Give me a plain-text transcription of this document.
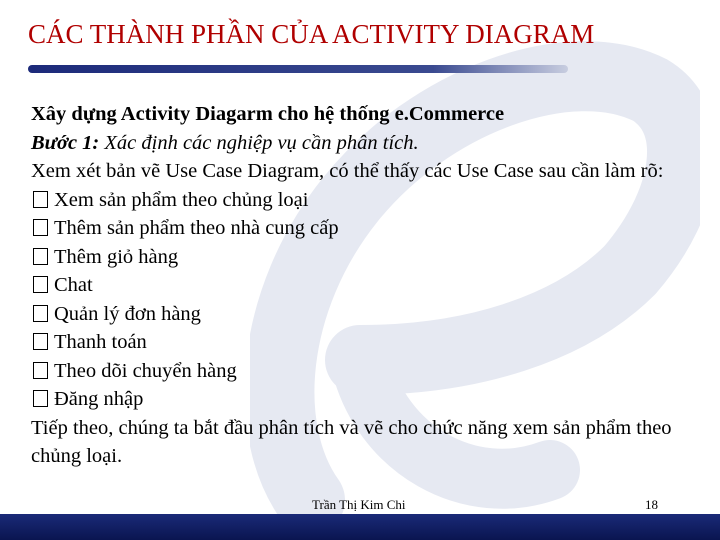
CÁC THÀNH PHẦN CỦA ACTIVITY DIAGRAM

Xây dựng Activity Diagarm cho hệ thống e.Commerce

Bước 1: Xác định các nghiệp vụ cần phân tích.

Xem xét bản vẽ Use Case Diagram, có thể thấy các Use Case sau cần làm rõ:

Xem sản phẩm theo chủng loại
Thêm sản phẩm theo nhà cung cấp
Thêm giỏ hàng
Chat
Quản lý đơn hàng
Thanh toán
Theo dõi chuyển hàng
Đăng nhập

Tiếp theo, chúng ta bắt đầu phân tích và vẽ cho chức năng xem sản phẩm theo chủng loại.

Trần Thị Kim Chi	18
